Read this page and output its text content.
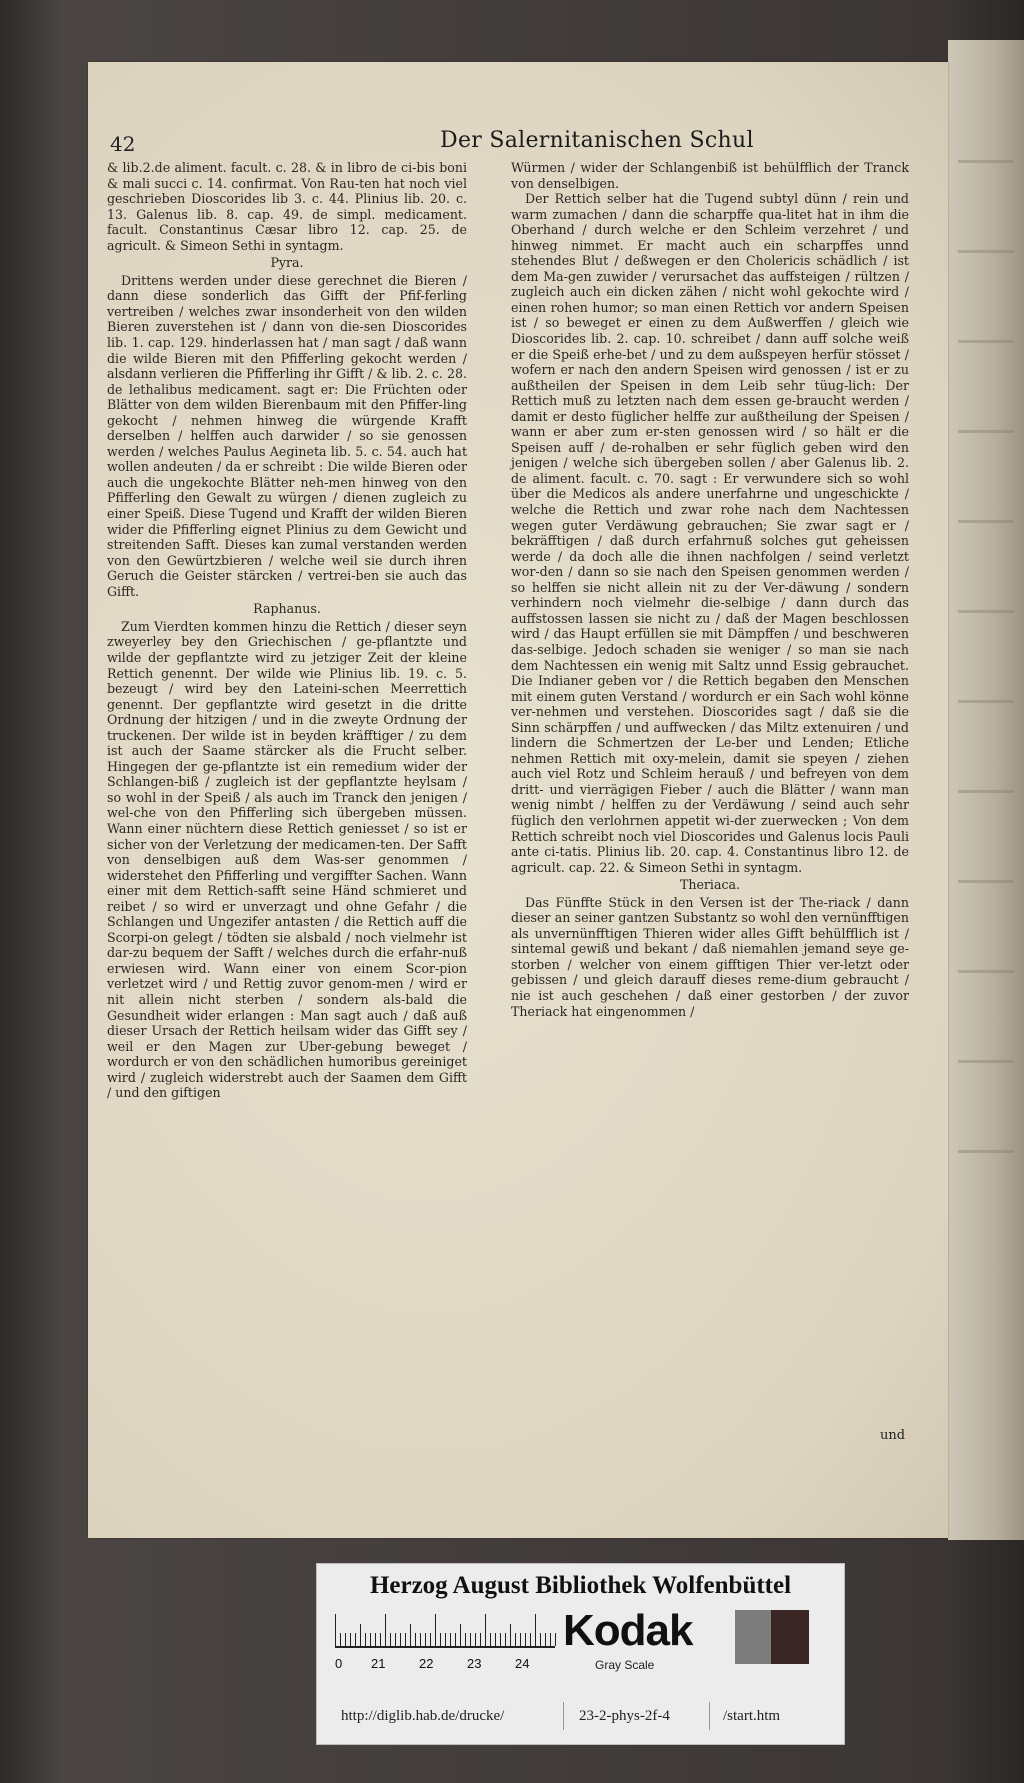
42	Der Salernitanischen Schul

& lib.2.de aliment. facult. c. 28. & in libro de ci-bis boni & mali succi c. 14. confirmat. Von Rau-ten hat noch viel geschrieben Dioscorides lib 3. c. 44. Plinius lib. 20. c. 13. Galenus lib. 8. cap. 49. de simpl. medicament. facult. Constantinus Cæsar libro 12. cap. 25. de agricult. & Simeon Sethi in syntagm.

Pyra.

Drittens werden under diese gerechnet die Bieren / dann diese sonderlich das Gifft der Pfif-ferling vertreiben / welches zwar insonderheit von den wilden Bieren zuverstehen ist / dann von die-sen Dioscorides lib. 1. cap. 129. hinderlassen hat / man sagt / daß wann die wilde Bieren mit den Pfifferling gekocht werden / alsdann verlieren die Pfifferling ihr Gifft / & lib. 2. c. 28. de lethalibus medicament. sagt er: Die Früchten oder Blätter von dem wilden Bierenbaum mit den Pfiffer-ling gekocht / nehmen hinweg die würgende Krafft derselben / helffen auch darwider / so sie genossen werden / welches Paulus Aegineta lib. 5. c. 54. auch hat wollen andeuten / da er schreibt : Die wilde Bieren oder auch die ungekochte Blätter neh-men hinweg von den Pfifferling den Gewalt zu würgen / dienen zugleich zu einer Speiß. Diese Tugend und Krafft der wilden Bieren wider die Pfifferling eignet Plinius zu dem Gewicht und streitenden Safft. Dieses kan zumal verstanden werden von den Gewürtzbieren / welche weil sie durch ihren Geruch die Geister stärcken / vertrei-ben sie auch das Gifft.

Raphanus.

Zum Vierdten kommen hinzu die Rettich / dieser seyn zweyerley bey den Griechischen / ge-pflantzte und wilde der gepflantzte wird zu jetziger Zeit der kleine Rettich genennt. Der wilde wie Plinius lib. 19. c. 5. bezeugt / wird bey den Lateini-schen Meerrettich genennt. Der gepflantzte wird gesetzt in die dritte Ordnung der hitzigen / und in die zweyte Ordnung der truckenen. Der wilde ist in beyden kräfftiger / zu dem ist auch der Saame stärcker als die Frucht selber. Hingegen der ge-pflantzte ist ein remedium wider der Schlangen-biß / zugleich ist der gepflantzte heylsam / so wohl in der Speiß / als auch im Tranck den jenigen / wel-che von den Pfifferling sich übergeben müssen. Wann einer nüchtern diese Rettich geniesset / so ist er sicher von der Verletzung der medicamen-ten. Der Safft von denselbigen auß dem Was-ser genommen / widerstehet den Pfifferling und vergiffter Sachen. Wann einer mit dem Rettich-safft seine Händ schmieret und reibet / so wird er unverzagt und ohne Gefahr / die Schlangen und Ungezifer antasten / die Rettich auff die Scorpi-on gelegt / tödten sie alsbald / noch vielmehr ist dar-zu bequem der Safft / welches durch die erfahr-nuß erwiesen wird. Wann einer von einem Scor-pion verletzet wird / und Rettig zuvor genom-men / wird er nit allein nicht sterben / sondern als-bald die Gesundheit wider erlangen : Man sagt auch / daß auß dieser Ursach der Rettich heilsam wider das Gifft sey / weil er den Magen zur Uber-gebung beweget / wordurch er von den schädlichen humoribus gereiniget wird / zugleich widerstrebt auch der Saamen dem Gifft / und den giftigen

Würmen / wider der Schlangenbiß ist behülfflich der Tranck von denselbigen.

Der Rettich selber hat die Tugend subtyl dünn / rein und warm zumachen / dann die scharpffe qua-litet hat in ihm die Oberhand / durch welche er den Schleim verzehret / und hinweg nimmet. Er macht auch ein scharpffes unnd stehendes Blut / deßwegen er den Cholericis schädlich / ist dem Ma-gen zuwider / verursachet das auffsteigen / rültzen / zugleich auch ein dicken zähen / nicht wohl gekochte wird / einen rohen humor; so man einen Rettich vor andern Speisen ist / so beweget er einen zu dem Außwerffen / gleich wie Dioscorides lib. 2. cap. 10. schreibet / dann auff solche weiß er die Speiß erhe-bet / und zu dem außspeyen herfür stösset / wofern er nach den andern Speisen wird genossen / ist er zu außtheilen der Speisen in dem Leib sehr tüug-lich: Der Rettich muß zu letzten nach dem essen ge-braucht werden / damit er desto füglicher helffe zur außtheilung der Speisen / wann er aber zum er-sten genossen wird / so hält er die Speisen auff / de-rohalben er sehr füglich geben wird den jenigen / welche sich übergeben sollen / aber Galenus lib. 2. de aliment. facult. c. 70. sagt : Er verwundere sich so wohl über die Medicos als andere unerfahrne und ungeschickte / welche die Rettich und zwar rohe nach dem Nachtessen wegen guter Verdäwung gebrauchen; Sie zwar sagt er / bekräfftigen / daß durch erfahrnuß solches gut geheissen werde / da doch alle die ihnen nachfolgen / seind verletzt wor-den / dann so sie nach den Speisen genommen werden / so helffen sie nicht allein nit zu der Ver-däwung / sondern verhindern noch vielmehr die-selbige / dann durch das auffstossen lassen sie nicht zu / daß der Magen beschlossen wird / das Haupt erfüllen sie mit Dämpffen / und beschweren das-selbige. Jedoch schaden sie weniger / so man sie nach dem Nachtessen ein wenig mit Saltz unnd Essig gebrauchet. Die Indianer geben vor / die Rettich begaben den Menschen mit einem guten Verstand / wordurch er ein Sach wohl könne ver-nehmen und verstehen. Dioscorides sagt / daß sie die Sinn schärpffen / und auffwecken / das Miltz extenuiren / und lindern die Schmertzen der Le-ber und Lenden; Etliche nehmen Rettich mit oxy-melein, damit sie speyen / ziehen auch viel Rotz und Schleim herauß / und befreyen von dem dritt- und vierrägigen Fieber / auch die Blätter / wann man wenig nimbt / helffen zu der Verdäwung / seind auch sehr füglich den verlohrnen appetit wi-der zuerwecken ; Von dem Rettich schreibt noch viel Dioscorides und Galenus locis Pauli ante ci-tatis. Plinius lib. 20. cap. 4. Constantinus libro 12. de agricult. cap. 22. & Simeon Sethi in syntagm.

Theriaca.

Das Fünffte Stück in den Versen ist der The-riack / dann dieser an seiner gantzen Substantz so wohl den vernünfftigen als unvernünfftigen Thieren wider alles Gifft behülfflich ist / sintemal gewiß und bekant / daß niemahlen jemand seye ge-storben / welcher von einem gifftigen Thier ver-letzt oder gebissen / und gleich darauff dieses reme-dium gebraucht / nie ist auch geschehen / daß einer gestorben / der zuvor Theriack hat eingenommen /

und
Herzog August Bibliothek Wolfenbüttel
0 21	22	23	24
Kodak
Gray Scale
http://diglib.hab.de/drucke/	23-2-phys-2f-4	/start.htm
